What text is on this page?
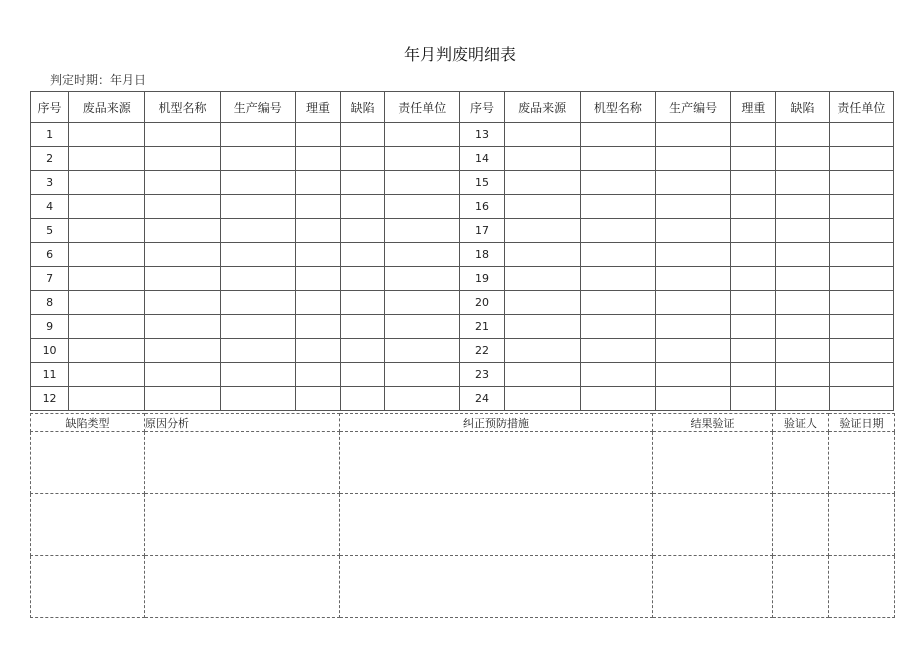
年月判废明细表
判定时期：年月日
序号	废品来源	机型名称	生产编号	理重	缺陷	责任单位	序号	废品来源	机型名称	生产编号	理重	缺陷	责任单位
1							13						
2							14						
3							15						
4							16						
5							17						
6							18						
7							19						
8							20						
9							21						
10							22						
11							23						
12							24						
缺陷类型	原因分析	纠正预防措施	结果验证	验证人	验证日期
